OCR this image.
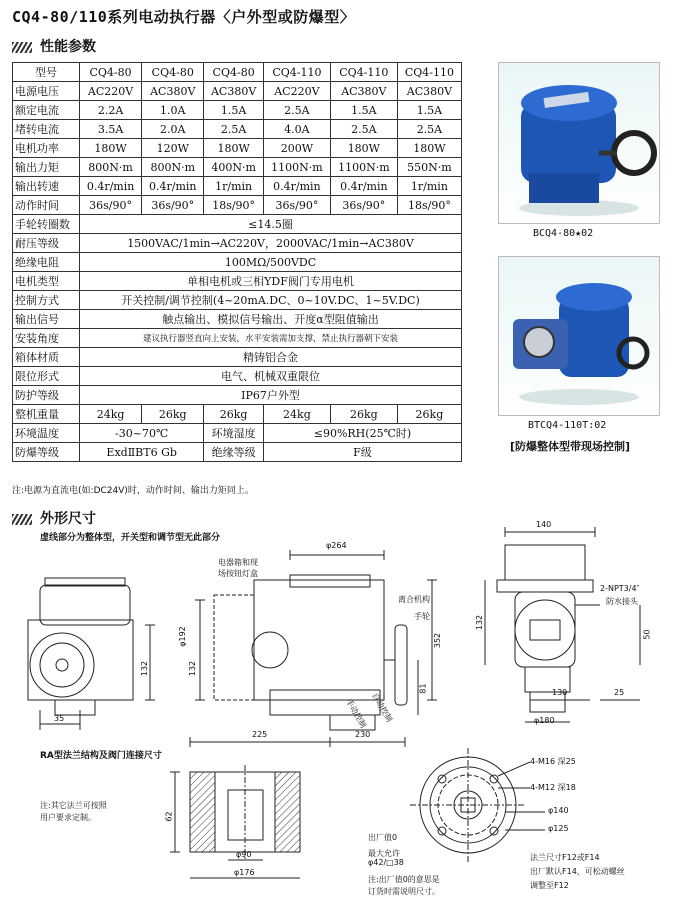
CQ4-80/110系列电动执行器〈户外型或防爆型〉
性能参数
型号	CQ4-80	CQ4-80	CQ4-80	CQ4-110	CQ4-110	CQ4-110
电源电压	AC220V	AC380V	AC380V	AC220V	AC380V	AC380V
额定电流	2.2A	1.0A	1.5A	2.5A	1.5A	1.5A
堵转电流	3.5A	2.0A	2.5A	4.0A	2.5A	2.5A
电机功率	180W	120W	180W	200W	180W	180W
输出力矩	800N·m	800N·m	400N·m	1100N·m	1100N·m	550N·m
输出转速	0.4r/min	0.4r/min	1r/min	0.4r/min	0.4r/min	1r/min
动作时间	36s/90°	36s/90°	18s/90°	36s/90°	36s/90°	18s/90°
手轮转圈数	≤14.5圈					
耐压等级	1500VAC/1min→AC220V，2000VAC/1min→AC380V					
绝缘电阻	100MΩ/500VDC					
电机类型	单相电机或三相YDF阀门专用电机					
控制方式	开关控制/调节控制(4~20mA.DC、0~10V.DC、1~5V.DC)					
输出信号	触点输出、模拟信号输出、开度α型阻值输出					
安装角度	建议执行器竖直向上安装，水平安装需加支撑，禁止执行器朝下安装					
箱体材质	精铸铝合金					
限位形式	电气、机械双重限位					
防护等级	IP67户外型					
整机重量	24kg	26kg	26kg	24kg	26kg	26kg
环境温度	-30~70℃		环境湿度	≤90%RH(25℃时)		
防爆等级	ExdⅡBT6 Gb		绝缘等级	F级		
注:电源为直流电(如:DC24V)时，动作时间、输出力矩同上。
BCQ4-80★02
BTCQ4-110T:02
[防爆整体型带现场控制]
外形尺寸
虚线部分为整体型，开关型和调节型无此部分
φ264
电器箱和现
场按钮灯盒
离合机构
手轮
φ192
132	132
352
81
35
225	230
手动控制 自动控制
140
2-NPT3/4″
防水接头
132
50
130	25
φ180
RA型法兰结构及阀门连接尺寸
注:其它法兰可按照
用户要求定制。	62
φ90
φ176
4-M16 深25
4-M12 深18
φ140
φ125
出厂值0
最大允许
φ42/□38
注:出厂值0的意思是
订货时需说明尺寸。
法兰尺寸F12或F14
出厂默认F14，可松动螺丝
调整至F12
